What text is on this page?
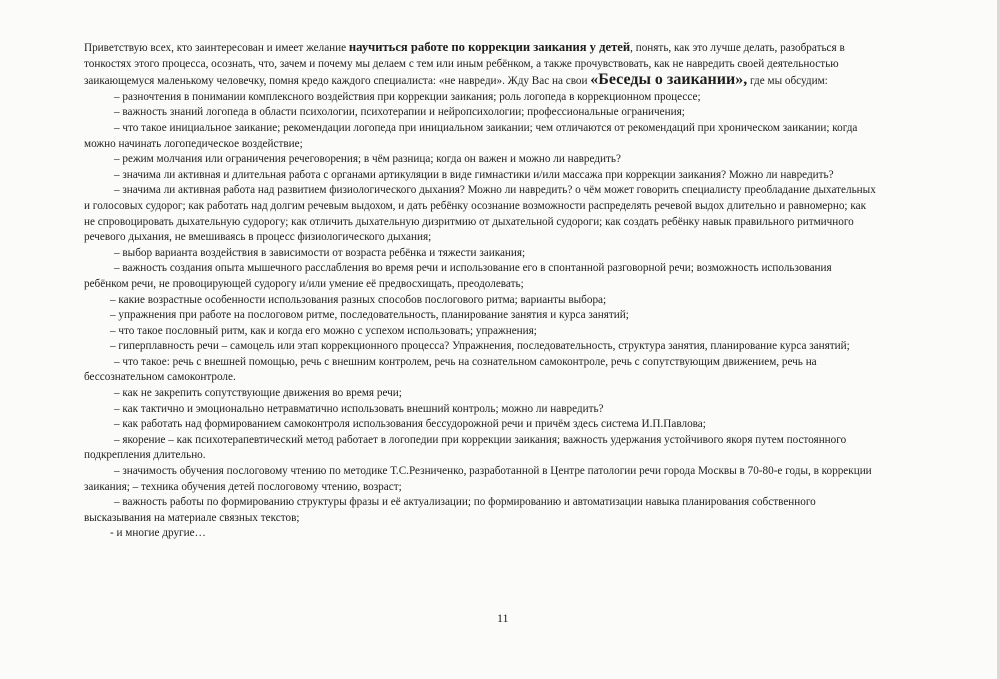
Приветствую всех, кто заинтересован и имеет желание научиться работе по коррекции заикания у детей, понять, как это лучше делать, разобраться в
тонкостях этого процесса, осознать, что, зачем и почему мы делаем с тем или иным ребёнком, а также прочувствовать, как не навредить своей деятельностью
заикающемуся маленькому человечку, помня кредо каждого специалиста: «не навреди». Жду Вас на свои «Беседы о заикании», где мы обсудим:

– разночтения в понимании комплексного воздействия при коррекции заикания; роль логопеда в коррекционном процессе;
– важность знаний логопеда в области психологии, психотерапии и нейропсихологии; профессиональные ограничения;
– что такое инициальное заикание; рекомендации логопеда при инициальном заикании; чем отличаются от рекомендаций при хроническом заикании; когда
можно начинать логопедическое воздействие;
– режим молчания или ограничения речеговорения; в чём разница; когда он важен и можно ли навредить?
– значима ли активная и длительная работа с органами артикуляции в виде гимнастики и/или массажа при коррекции заикания? Можно ли навредить?
– значима ли активная работа над развитием физиологического дыхания? Можно ли навредить? о чём может говорить специалисту преобладание дыхательных
и голосовых судорог; как работать над долгим речевым выдохом, и дать ребёнку осознание возможности распределять речевой выдох длительно и равномерно; как
не спровоцировать дыхательную судорогу; как отличить дыхательную дизритмию от дыхательной судороги; как создать ребёнку навык правильного ритмичного
речевого дыхания, не вмешиваясь в процесс физиологического дыхания;
– выбор варианта воздействия в зависимости от возраста ребёнка и тяжести заикания;
– важность создания опыта мышечного расслабления во время речи и использование его в спонтанной разговорной речи; возможность использования
ребёнком речи, не провоцирующей судорогу и/или умение её предвосхищать, преодолевать;
– какие возрастные особенности использования разных способов послогового ритма; варианты выбора;
– упражнения при работе на послоговом ритме, последовательность, планирование занятия и курса занятий;
– что такое пословный ритм, как и когда его можно с успехом использовать; упражнения;
– гиперплавность речи – самоцель или этап коррекционного процесса? Упражнения, последовательность, структура занятия, планирование курса занятий;
– что такое: речь с внешней помощью, речь с внешним контролем, речь на сознательном самоконтроле, речь с сопутствующим движением, речь на
бессознательном самоконтроле.
– как не закрепить сопутствующие движения во время речи;
– как тактично и эмоционально нетравматично использовать внешний контроль; можно ли навредить?
– как работать над формированием самоконтроля использования бессудорожной речи и причём здесь система И.П.Павлова;
– якорение – как психотерапевтический метод работает в логопедии при коррекции заикания; важность удержания устойчивого якоря путем постоянного
подкрепления длительно.
– значимость обучения послоговому чтению по методике Т.С.Резниченко, разработанной в Центре патологии речи города Москвы в 70-80-е годы, в коррекции
заикания; – техника обучения детей послоговому чтению, возраст;
– важность работы по формированию структуры фразы и её актуализации; по формированию и автоматизации навыка планирования собственного
высказывания на материале связных текстов;
- и многие другие…
11
